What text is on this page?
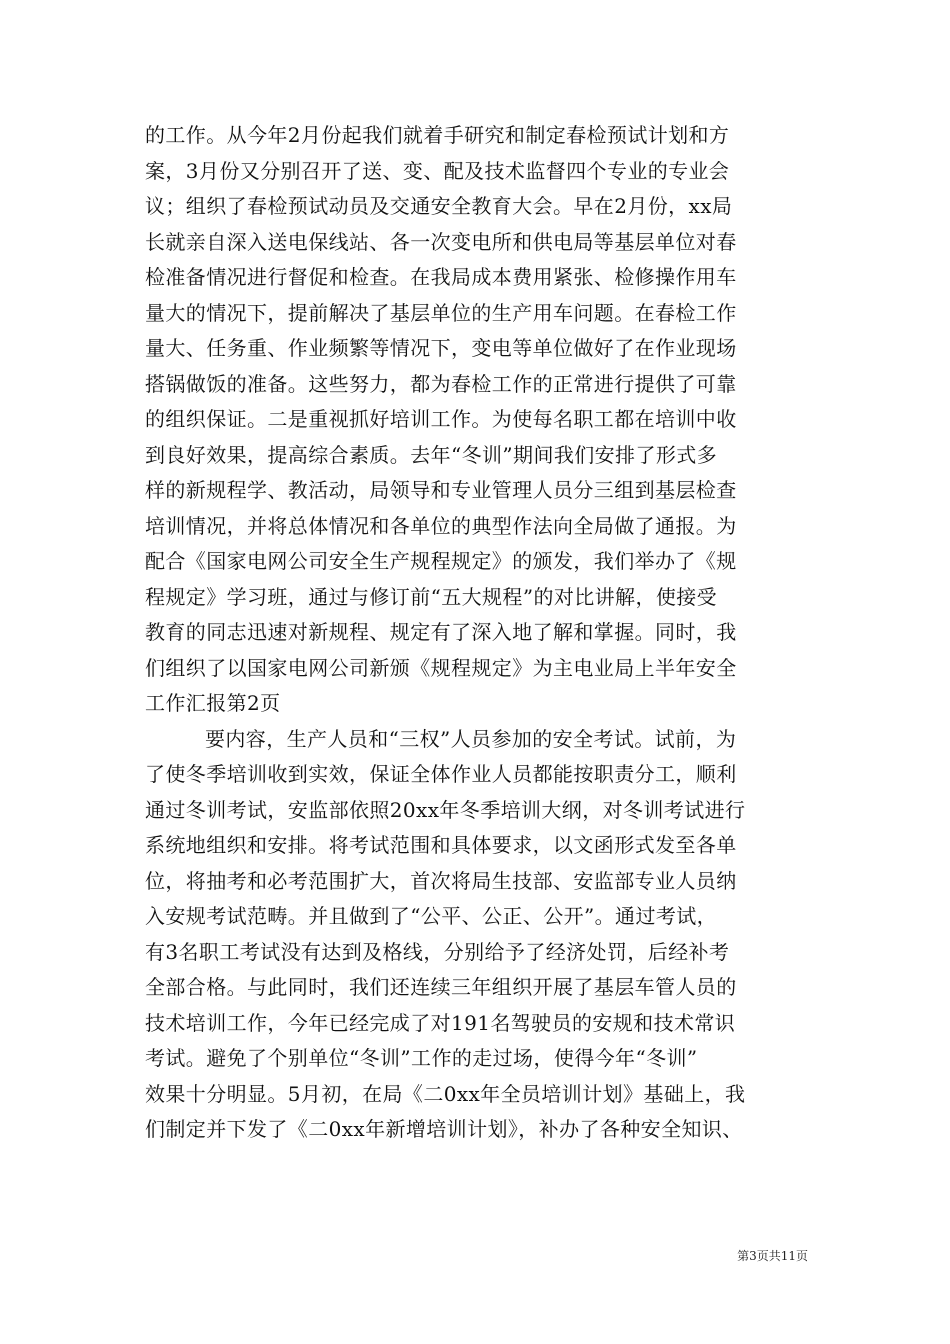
的工作。从今年2月份起我们就着手研究和制定春检预试计划和方
案，3月份又分别召开了送、变、配及技术监督四个专业的专业会
议；组织了春检预试动员及交通安全教育大会。早在2月份，xx局
长就亲自深入送电保线站、各一次变电所和供电局等基层单位对春
检准备情况进行督促和检查。在我局成本费用紧张、检修操作用车
量大的情况下，提前解决了基层单位的生产用车问题。在春检工作
量大、任务重、作业频繁等情况下，变电等单位做好了在作业现场
搭锅做饭的准备。这些努力，都为春检工作的正常进行提供了可靠
的组织保证。二是重视抓好培训工作。为使每名职工都在培训中收
到良好效果，提高综合素质。去年“冬训”期间我们安排了形式多
样的新规程学、教活动，局领导和专业管理人员分三组到基层检查
培训情况，并将总体情况和各单位的典型作法向全局做了通报。为
配合《国家电网公司安全生产规程规定》的颁发，我们举办了《规
程规定》学习班，通过与修订前“五大规程”的对比讲解，使接受
教育的同志迅速对新规程、规定有了深入地了解和掌握。同时，我
们组织了以国家电网公司新颁《规程规定》为主电业局上半年安全
工作汇报第2页
要内容，生产人员和“三权”人员参加的安全考试。试前，为
了使冬季培训收到实效，保证全体作业人员都能按职责分工，顺利
通过冬训考试，安监部依照20xx年冬季培训大纲，对冬训考试进行
系统地组织和安排。将考试范围和具体要求，以文函形式发至各单
位，将抽考和必考范围扩大，首次将局生技部、安监部专业人员纳
入安规考试范畴。并且做到了“公平、公正、公开”。通过考试，
有3名职工考试没有达到及格线，分别给予了经济处罚，后经补考
全部合格。与此同时，我们还连续三年组织开展了基层车管人员的
技术培训工作，今年已经完成了对191名驾驶员的安规和技术常识
考试。避免了个别单位“冬训”工作的走过场，使得今年“冬训”
效果十分明显。5月初，在局《二0xx年全员培训计划》基础上，我
们制定并下发了《二0xx年新增培训计划》，补办了各种安全知识、
第3页共11页
